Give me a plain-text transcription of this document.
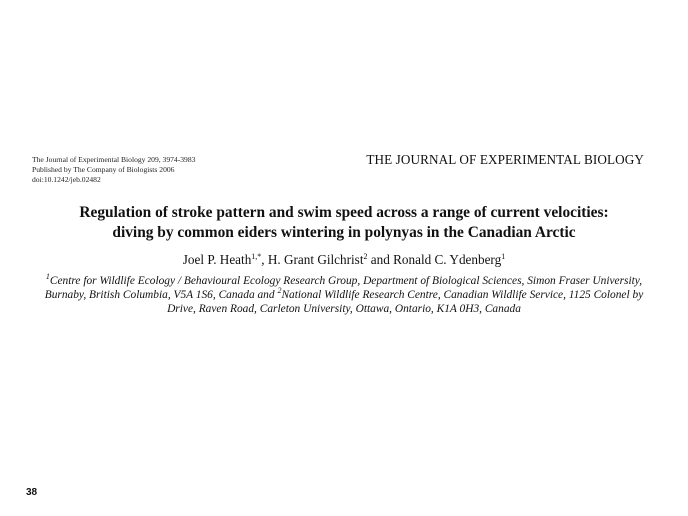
The Journal of Experimental Biology 209, 3974-3983
Published by The Company of Biologists 2006
doi:10.1242/jeb.02482
THE JOURNAL OF EXPERIMENTAL BIOLOGY
Regulation of stroke pattern and swim speed across a range of current velocities:
diving by common eiders wintering in polynyas in the Canadian Arctic
Joel P. Heath$^{1,*}$, H. Grant Gilchrist$^2$ and Ronald C. Ydenberg$^1$
$^1$Centre for Wildlife Ecology / Behavioural Ecology Research Group, Department of Biological Sciences, Simon Fraser University, Burnaby, British Columbia, V5A 1S6, Canada and $^2$National Wildlife Research Centre, Canadian Wildlife Service, 1125 Colonel by Drive, Raven Road, Carleton University, Ottawa, Ontario, K1A 0H3, Canada
38
